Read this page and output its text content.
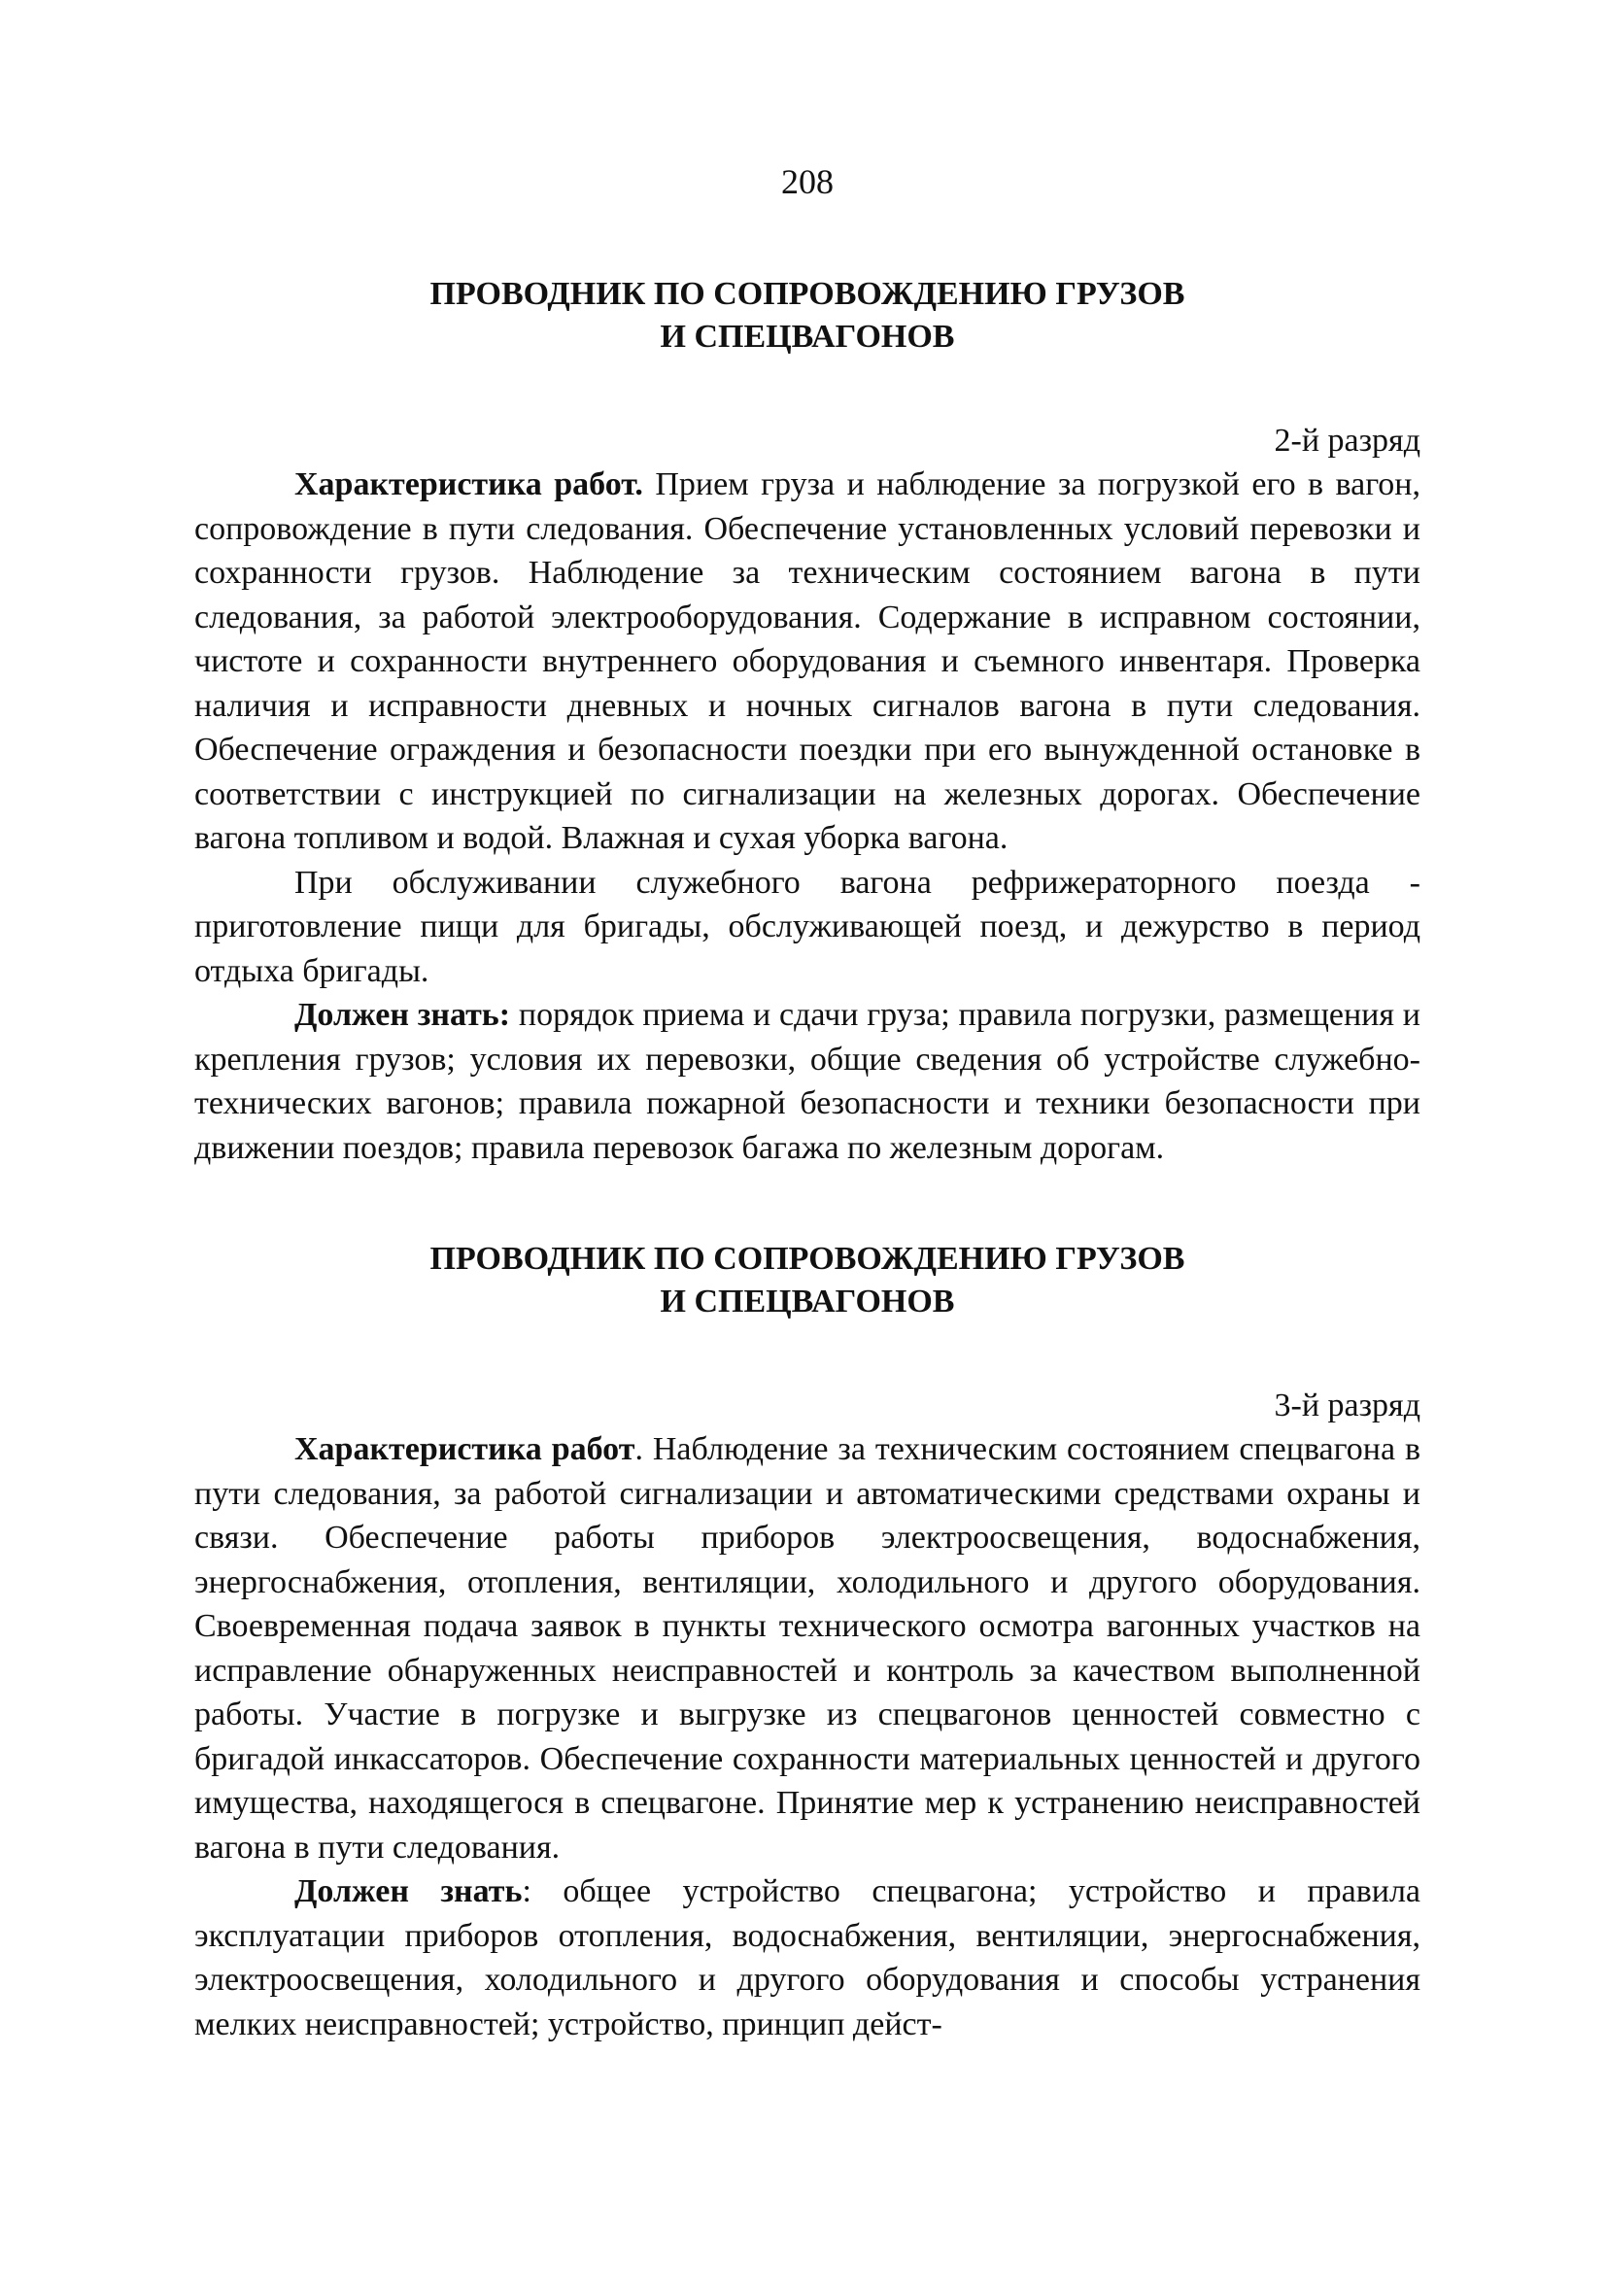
208
ПРОВОДНИК ПО СОПРОВОЖДЕНИЮ ГРУЗОВ
И СПЕЦВАГОНОВ
2-й разряд

Характеристика работ. Прием груза и наблюдение за погрузкой его в вагон, сопровождение в пути следования. Обеспечение установленных условий перевозки и сохранности грузов. Наблюдение за техническим состоянием вагона в пути следования, за работой электрооборудования. Содержание в исправном состоянии, чистоте и сохранности внутреннего оборудования и съемного инвентаря. Проверка наличия и исправности дневных и ночных сигналов вагона в пути следования. Обеспечение ограждения и безопасности поездки при его вынужденной остановке в соответствии с инструкцией по сигнализации на железных дорогах. Обеспечение вагона топливом и водой. Влажная и сухая уборка вагона.

При обслуживании служебного вагона рефрижераторного поезда - приготовление пищи для бригады, обслуживающей поезд, и дежурство в период отдыха бригады.

Должен знать: порядок приема и сдачи груза; правила погрузки, размещения и крепления грузов; условия их перевозки, общие сведения об устройстве служебно-технических вагонов; правила пожарной безопасности и техники безопасности при движении поездов; правила перевозок багажа по железным дорогам.

ПРОВОДНИК ПО СОПРОВОЖДЕНИЮ ГРУЗОВ
И СПЕЦВАГОНОВ
3-й разряд

Характеристика работ. Наблюдение за техническим состоянием спецвагона в пути следования, за работой сигнализации и автоматическими средствами охраны и связи. Обеспечение работы приборов электроосвещения, водоснабжения, энергоснабжения, отопления, вентиляции, холодильного и другого оборудования. Своевременная подача заявок в пункты технического осмотра вагонных участков на исправление обнаруженных неисправностей и контроль за качеством выполненной работы. Участие в погрузке и выгрузке из спецвагонов ценностей совместно с бригадой инкассаторов. Обеспечение сохранности материальных ценностей и другого имущества, находящегося в спецвагоне. Принятие мер к устранению неисправностей вагона в пути следования.

Должен знать: общее устройство спецвагона; устройство и правила эксплуатации приборов отопления, водоснабжения, вентиляции, энергоснабжения, электроосвещения, холодильного и другого оборудования и способы устранения мелких неисправностей; устройство, принцип дейст-
